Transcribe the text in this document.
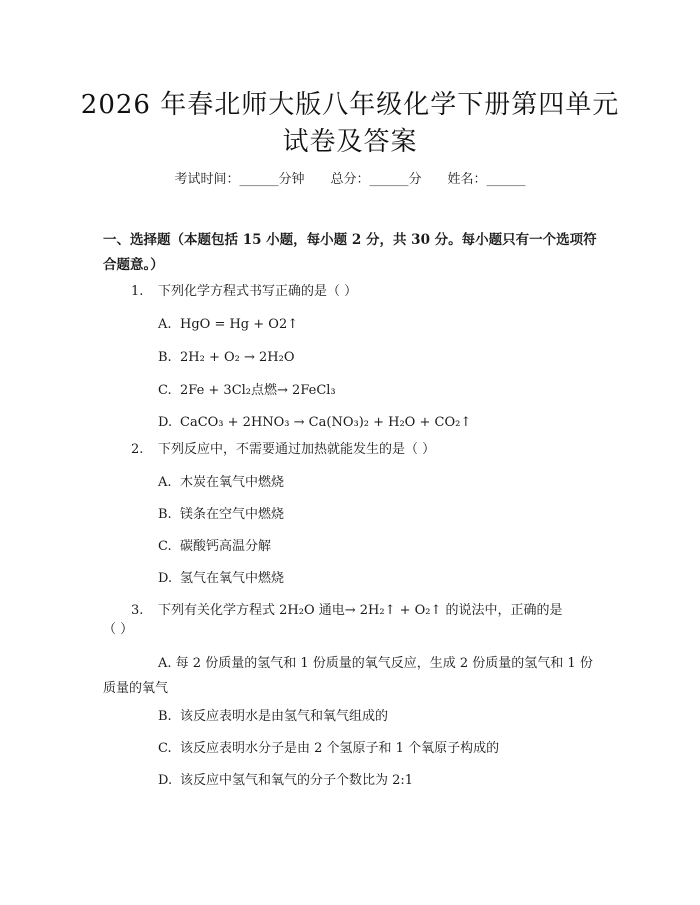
2026 年春北师大版八年级化学下册第四单元
试卷及答案
考试时间：______分钟 总分：______分 姓名：______
一、选择题（本题包括 15 小题，每小题 2 分，共 30 分。每小题只有一个选项符合题意。）
1. 下列化学方程式书写正确的是（ ）
A. HgO = Hg + O2↑
B. 2H₂ + O₂ → 2H₂O
C. 2Fe + 3Cl₂点燃→ 2FeCl₃
D. CaCO₃ + 2HNO₃ → Ca(NO₃)₂ + H₂O + CO₂↑
2. 下列反应中，不需要通过加热就能发生的是（ ）
A. 木炭在氧气中燃烧
B. 镁条在空气中燃烧
C. 碳酸钙高温分解
D. 氢气在氧气中燃烧
3. 下列有关化学方程式 2H₂O 通电→ 2H₂↑ + O₂↑ 的说法中，正确的是
（ ）
A. 每 2 份质量的氢气和 1 份质量的氧气反应，生成 2 份质量的氢气和 1 份质量的氧气
B. 该反应表明水是由氢气和氧气组成的
C. 该反应表明水分子是由 2 个氢原子和 1 个氧原子构成的
D. 该反应中氢气和氧气的分子个数比为 2:1
